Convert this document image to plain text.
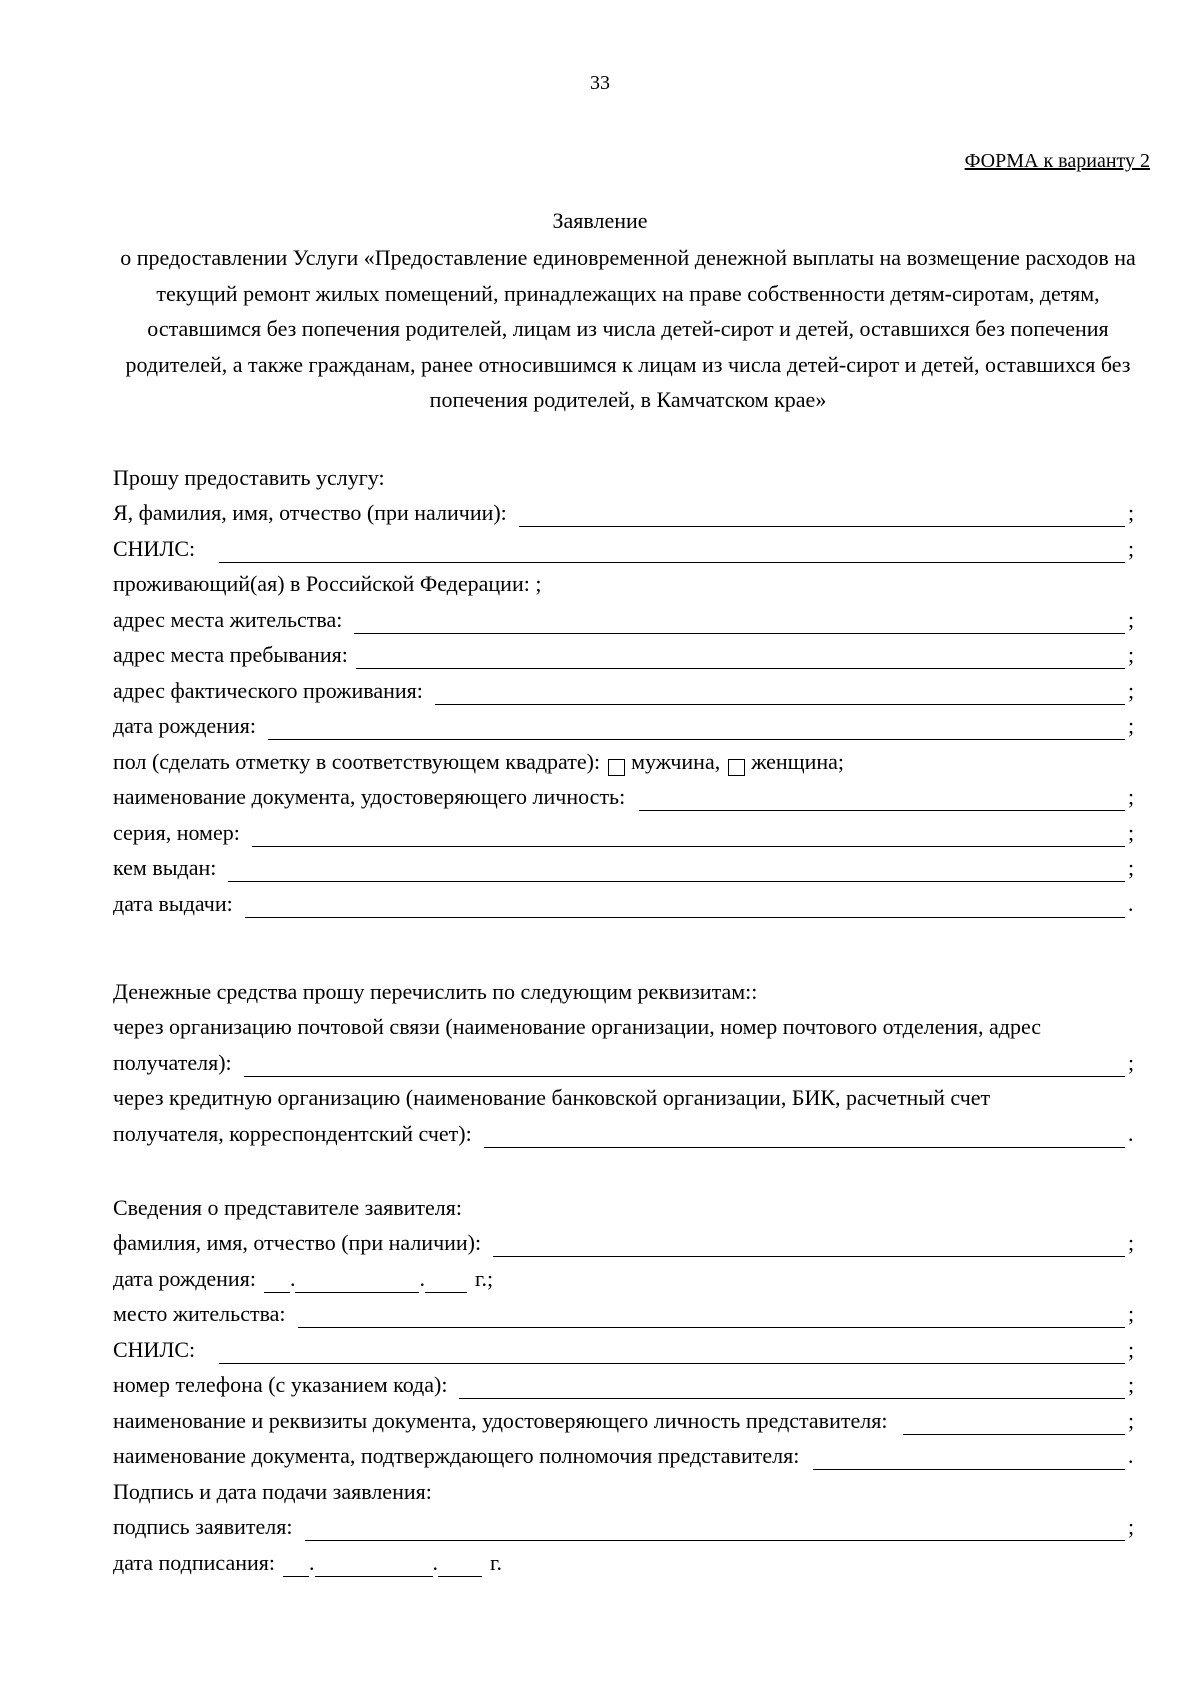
33
ФОРМА к варианту 2
Заявление
о предоставлении Услуги «Предоставление единовременной денежной выплаты на возмещение расходов на текущий ремонт жилых помещений, принадлежащих на праве собственности детям-сиротам, детям, оставшимся без попечения родителей, лицам из числа детей-сирот и детей, оставшихся без попечения родителей, а также гражданам, ранее относившимся к лицам из числа детей-сирот и детей, оставшихся без попечения родителей, в Камчатском крае»
Прошу предоставить услугу:
Я, фамилия, имя, отчество (при наличии):	;
СНИЛС:	;
проживающий(ая) в Российской Федерации: ;
адрес места жительства:	;
адрес места пребывания:	;
адрес фактического проживания:	;
дата рождения:	;
пол (сделать отметку в соответствующем квадрате): мужчина, женщина;
наименование документа, удостоверяющего личность:	;
серия, номер:	;
кем выдан:	;
дата выдачи:	.
Денежные средства прошу перечислить по следующим реквизитам::
через организацию почтовой связи (наименование организации, номер почтового отделения, адрес
получателя):	;
через кредитную организацию (наименование банковской организации, БИК, расчетный счет
получателя, корреспондентский счет):	.
Сведения о представителе заявителя:
фамилия, имя, отчество (при наличии):	;
дата рождения: .	. г.;
место жительства:	;
СНИЛС:	;
номер телефона (с указанием кода):	;
наименование и реквизиты документа, удостоверяющего личность представителя:	;
наименование документа, подтверждающего полномочия представителя:	.
Подпись и дата подачи заявления:
подпись заявителя:	;
дата подписания: .	. г.
